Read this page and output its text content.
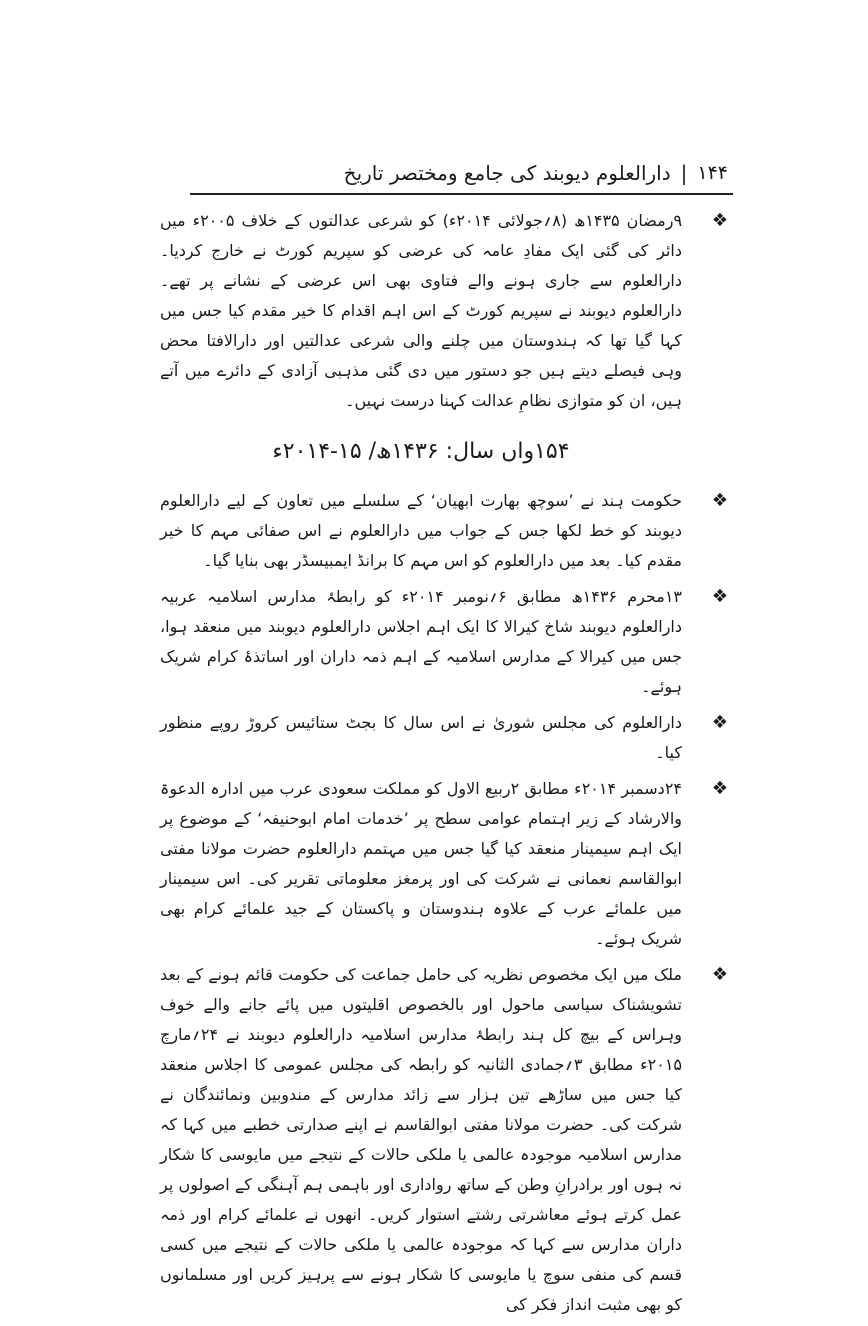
۱۴۴
|
دارالعلوم دیوبند کی جامع ومختصر تاریخ
❖
۹رمضان ۱۴۳۵ھ (۸؍جولائی ۲۰۱۴ء) کو شرعی عدالتوں کے خلاف ۲۰۰۵ء میں دائر کی گئی ایک مفادِ عامہ کی عرضی کو سپریم کورٹ نے خارج کردیا۔ دارالعلوم سے جاری ہونے والے فتاوی بھی اس عرضی کے نشانے پر تھے۔ دارالعلوم دیوبند نے سپریم کورٹ کے اس اہم اقدام کا خیر مقدم کیا جس میں کہا گیا تھا کہ ہندوستان میں چلنے والی شرعی عدالتیں اور دارالافتا محض وہی فیصلے دیتے ہیں جو دستور میں دی گئی مذہبی آزادی کے دائرے میں آتے ہیں، ان کو متوازی نظامِ عدالت کہنا درست نہیں۔
۱۵۴واں سال: ۱۴۳۶ھ/ ۱۵-۲۰۱۴ء
❖
حکومت ہند نے ’سوچھ بھارت ابھیان‘ کے سلسلے میں تعاون کے لیے دارالعلوم دیوبند کو خط لکھا جس کے جواب میں دارالعلوم نے اس صفائی مہم کا خیر مقدم کیا۔ بعد میں دارالعلوم کو اس مہم کا برانڈ ایمبیسڈر بھی بنایا گیا۔
❖
۱۳محرم ۱۴۳۶ھ مطابق ۶؍نومبر ۲۰۱۴ء کو رابطۂ مدارس اسلامیہ عربیہ دارالعلوم دیوبند شاخ کیرالا کا ایک اہم اجلاس دارالعلوم دیوبند میں منعقد ہوا، جس میں کیرالا کے مدارس اسلامیہ کے اہم ذمہ داران اور اساتذۂ کرام شریک ہوئے۔
❖
دارالعلوم کی مجلس شوریٰ نے اس سال کا بجٹ ستائیس کروڑ روپے منظور کیا۔
❖
۲۴دسمبر ۲۰۱۴ء مطابق ۲ربیع الاول کو مملکت سعودی عرب میں ادارہ الدعوۃ والارشاد کے زیر اہتمام عوامی سطح پر ’خدمات امام ابوحنیفہ‘ کے موضوع پر ایک اہم سیمینار منعقد کیا گیا جس میں مہتمم دارالعلوم حضرت مولانا مفتی ابوالقاسم نعمانی نے شرکت کی اور پرمغز معلوماتی تقریر کی۔ اس سیمینار میں علمائے عرب کے علاوہ ہندوستان و پاکستان کے جید علمائے کرام بھی شریک ہوئے۔
❖
ملک میں ایک مخصوص نظریہ کی حامل جماعت کی حکومت قائم ہونے کے بعد تشویشناک سیاسی ماحول اور بالخصوص اقلیتوں میں پائے جانے والے خوف وہراس کے بیچ کل ہند رابطۂ مدارس اسلامیہ دارالعلوم دیوبند نے ۲۴؍مارچ ۲۰۱۵ء مطابق ۳؍جمادی الثانیہ کو رابطہ کی مجلس عمومی کا اجلاس منعقد کیا جس میں ساڑھے تین ہزار سے زائد مدارس کے مندوبین ونمائندگان نے شرکت کی۔ حضرت مولانا مفتی ابوالقاسم نے اپنے صدارتی خطبے میں کہا کہ مدارس اسلامیہ موجودہ عالمی یا ملکی حالات کے نتیجے میں مایوسی کا شکار نہ ہوں اور برادرانِ وطن کے ساتھ رواداری اور باہمی ہم آہنگی کے اصولوں پر عمل کرتے ہوئے معاشرتی رشتے استوار کریں۔ انھوں نے علمائے کرام اور ذمہ داران مدارس سے کہا کہ موجودہ عالمی یا ملکی حالات کے نتیجے میں کسی قسم کی منفی سوچ یا مایوسی کا شکار ہونے سے پرہیز کریں اور مسلمانوں کو بھی مثبت انداز فکر کی
